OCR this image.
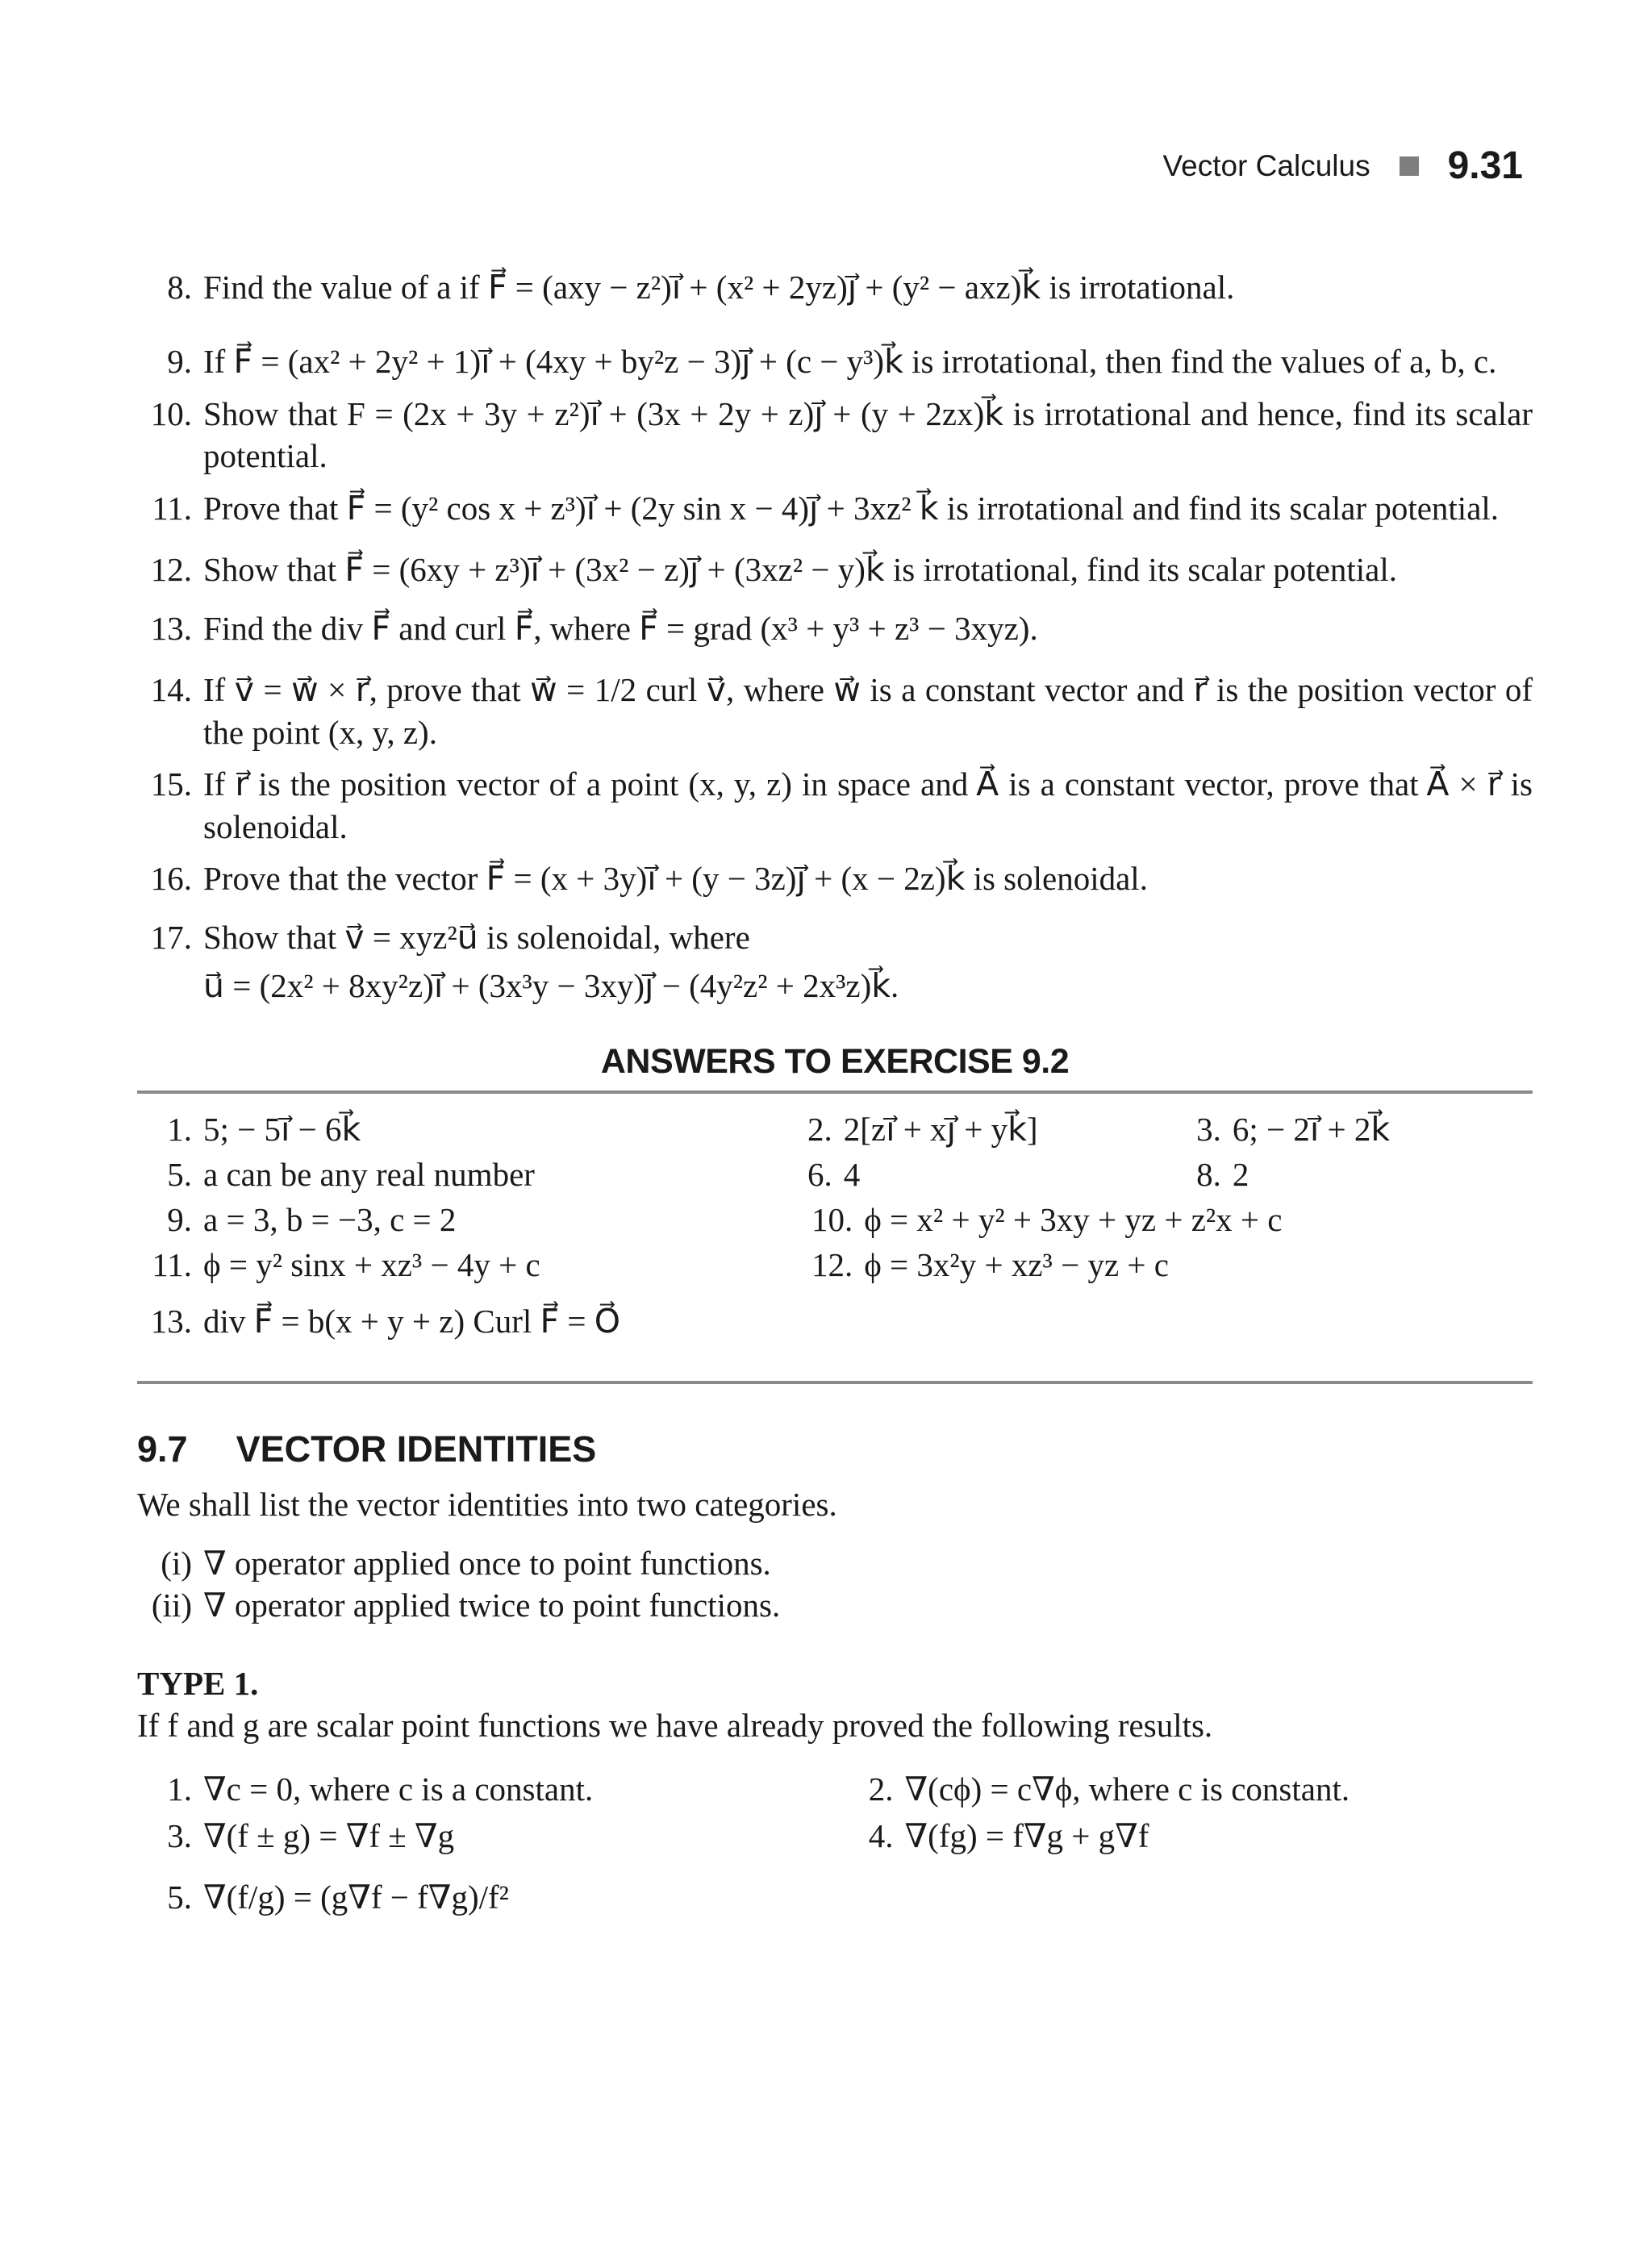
Vector Calculus 9.31
8. Find the value of a if F⃗ = (axy − z²)i⃗ + (x² + 2yz)j⃗ + (y² − axz)k⃗ is irrotational.
9. If F⃗ = (ax² + 2y² + 1)i⃗ + (4xy + by²z − 3)j⃗ + (c − y³)k⃗ is irrotational, then find the values of a, b, c.
10. Show that F = (2x + 3y + z²)i⃗ + (3x + 2y + z)j⃗ + (y + 2zx)k⃗ is irrotational and hence, find its scalar potential.
11. Prove that F⃗ = (y² cos x + z³)i⃗ + (2y sin x − 4)j⃗ + 3xz² k⃗ is irrotational and find its scalar potential.
12. Show that F⃗ = (6xy + z³)i⃗ + (3x² − z)j⃗ + (3xz² − y)k⃗ is irrotational, find its scalar potential.
13. Find the div F⃗ and curl F⃗, where F⃗ = grad (x³ + y³ + z³ − 3xyz).
14. If v⃗ = w⃗ × r⃗, prove that w⃗ = 1/2 curl v⃗, where w⃗ is a constant vector and r⃗ is the position vector of the point (x, y, z).
15. If r⃗ is the position vector of a point (x, y, z) in space and A⃗ is a constant vector, prove that A⃗ × r⃗ is solenoidal.
16. Prove that the vector F⃗ = (x + 3y)i⃗ + (y − 3z)j⃗ + (x − 2z)k⃗ is solenoidal.
17. Show that v⃗ = xyz²u⃗ is solenoidal, where
u⃗ = (2x² + 8xy²z)i⃗ + (3x³y − 3xy)j⃗ − (4y²z² + 2x³z)k⃗.
ANSWERS TO EXERCISE 9.2
1. 5; − 5i⃗ − 6k⃗	2. 2[zi⃗ + xj⃗ + yk⃗]	3. 6; − 2i⃗ + 2k⃗
5. a can be any real number	6. 4	8. 2
9. a = 3, b = −3, c = 2	10. ϕ = x² + y² + 3xy + yz + z²x + c
11. ϕ = y² sinx + xz³ − 4y + c	12. ϕ = 3x²y + xz³ − yz + c
13. div F⃗ = b(x + y + z) Curl F⃗ = O⃗
9.7 VECTOR IDENTITIES
We shall list the vector identities into two categories.
(i) ∇ operator applied once to point functions.
(ii) ∇ operator applied twice to point functions.
TYPE 1.
If f and g are scalar point functions we have already proved the following results.
1. ∇c = 0, where c is a constant.	2. ∇(cϕ) = c∇ϕ, where c is constant.
3. ∇(f ± g) = ∇f ± ∇g	4. ∇(fg) = f∇g + g∇f
5. ∇(f/g) = (g∇f − f∇g)/f²
